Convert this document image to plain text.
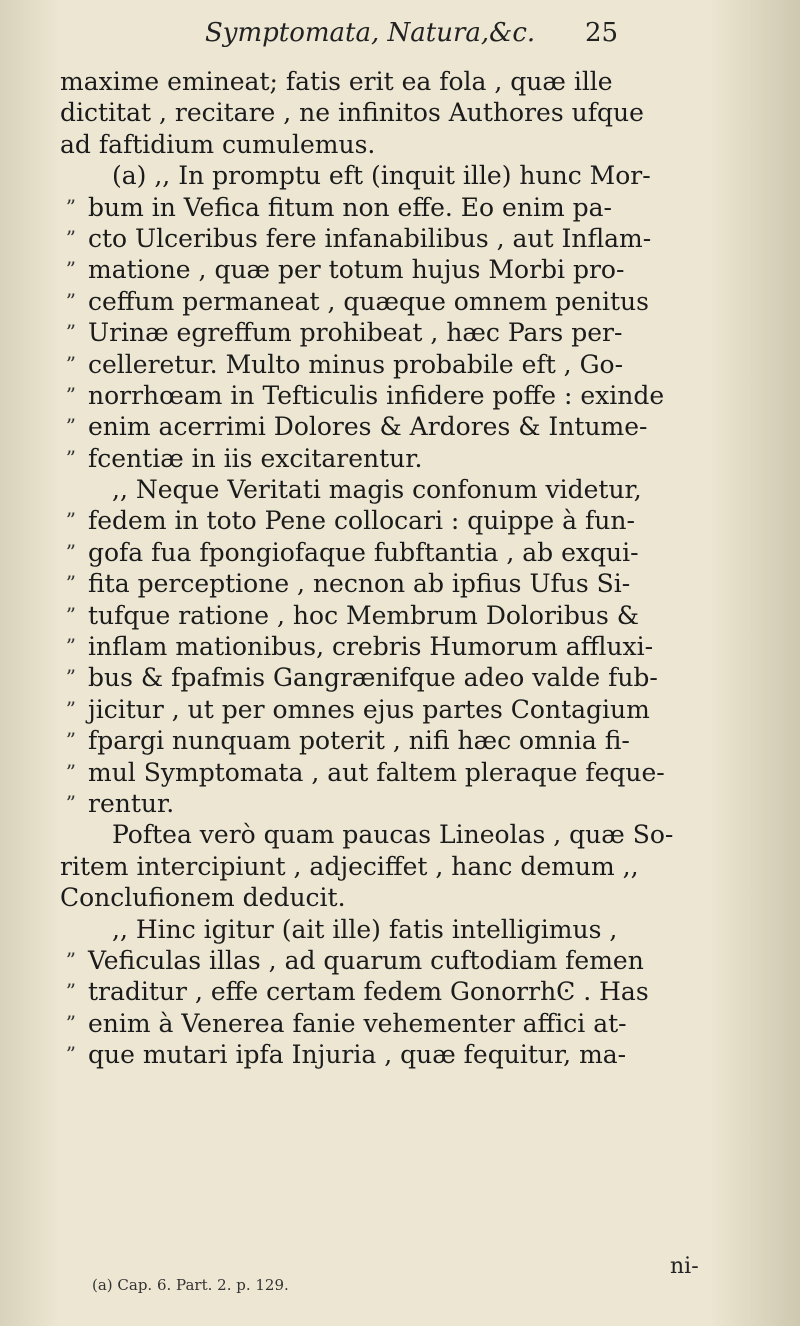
Symptomata, Natura,&c. 25
maxime emineat; fatis erit ea fola , quæ ille
dictitat , recitare , ne infinitos Authores ufque
ad faftidium cumulemus.
(a) ,, In promptu eft (inquit ille) hunc Mor-
” bum in Vefica fitum non effe. Eo enim pa-
” cto Ulceribus fere infanabilibus , aut Inflam-
” matione , quæ per totum hujus Morbi pro-
” ceffum permaneat , quæque omnem penitus
” Urinæ egreffum prohibeat , hæc Pars per-
” celleretur. Multo minus probabile eft , Go-
” norrhœam in Tefticulis infidere poffe : exinde
” enim acerrimi Dolores & Ardores & Intume-
” fcentiæ in iis excitarentur.
,, Neque Veritati magis confonum videtur,
” fedem in toto Pene collocari : quippe à fun-
” gofa fua fpongiofaque fubftantia , ab exqui-
” fita perceptione , necnon ab ipfius Ufus Si-
” tufque ratione , hoc Membrum Doloribus &
” inflam mationibus, crebris Humorum affluxi-
” bus & fpafmis Gangrænifque adeo valde fub-
” jicitur , ut per omnes ejus partes Contagium
” fpargi nunquam poterit , nifi hæc omnia fi-
” mul Symptomata , aut faltem pleraque feque-
” rentur.
Poftea verò quam paucas Lineolas , quæ So-
ritem intercipiunt , adjeciffet , hanc demum ,,
Conclufionem deducit.
,, Hinc igitur (ait ille) fatis intelligimus ,
” Veficulas illas , ad quarum cuftodiam femen
” traditur , effe certam fedem GonorrhϾ . Has
” enim à Venerea fanie vehementer affici at-
” que mutari ipfa Injuria , quæ fequitur, ma-
ni-
(a) Cap. 6. Part. 2. p. 129.
